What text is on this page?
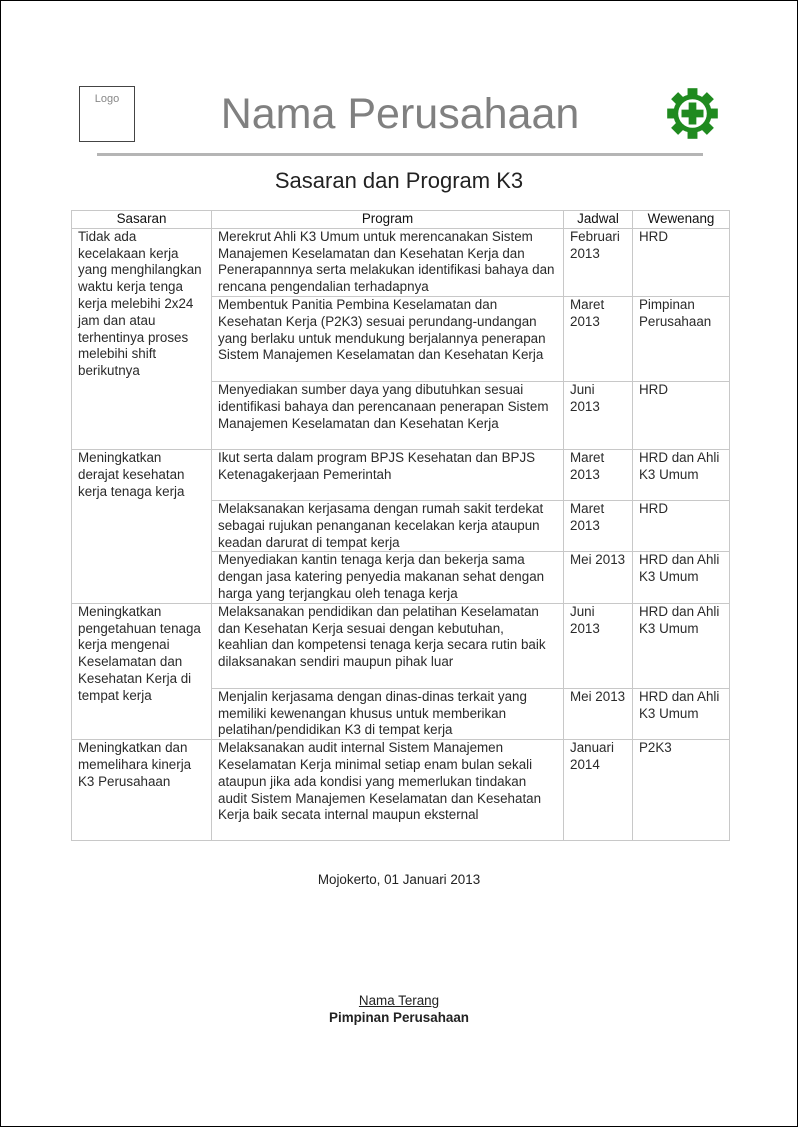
Logo	Nama Perusahaan
Sasaran dan Program K3
Sasaran	Program	Jadwal	Wewenang
Tidak ada kecelakaan kerja yang menghilangkan waktu kerja tenga kerja melebihi 2x24 jam dan atau terhentinya proses melebihi shift berikutnya	Merekrut Ahli K3 Umum untuk merencanakan Sistem Manajemen Keselamatan dan Kesehatan Kerja dan Penerapannnya serta melakukan identifikasi bahaya dan rencana pengendalian terhadapnya	Februari 2013	HRD
	Membentuk Panitia Pembina Keselamatan dan Kesehatan Kerja (P2K3) sesuai perundang-undangan yang berlaku untuk mendukung berjalannya penerapan Sistem Manajemen Keselamatan dan Kesehatan Kerja	Maret 2013	Pimpinan Perusahaan
	Menyediakan sumber daya yang dibutuhkan sesuai identifikasi bahaya dan perencanaan penerapan Sistem Manajemen Keselamatan dan Kesehatan Kerja	Juni 2013	HRD
Meningkatkan derajat kesehatan kerja tenaga kerja	Ikut serta dalam program BPJS Kesehatan dan BPJS Ketenagakerjaan Pemerintah	Maret 2013	HRD dan Ahli K3 Umum
	Melaksanakan kerjasama dengan rumah sakit terdekat sebagai rujukan penanganan kecelakan kerja ataupun keadan darurat di tempat kerja	Maret 2013	HRD
	Menyediakan kantin tenaga kerja dan bekerja sama dengan jasa katering penyedia makanan sehat dengan harga yang terjangkau oleh tenaga kerja	Mei 2013	HRD dan Ahli K3 Umum
Meningkatkan pengetahuan tenaga kerja mengenai Keselamatan dan Kesehatan Kerja di tempat kerja	Melaksanakan pendidikan dan pelatihan Keselamatan dan Kesehatan Kerja sesuai dengan kebutuhan, keahlian dan kompetensi tenaga kerja secara rutin baik dilaksanakan sendiri maupun pihak luar	Juni 2013	HRD dan Ahli K3 Umum
	Menjalin kerjasama dengan dinas-dinas terkait yang memiliki kewenangan khusus untuk memberikan pelatihan/pendidikan K3 di tempat kerja	Mei 2013	HRD dan Ahli K3 Umum
Meningkatkan dan memelihara kinerja K3 Perusahaan	Melaksanakan audit internal Sistem Manajemen Keselamatan Kerja minimal setiap enam bulan sekali ataupun jika ada kondisi yang memerlukan tindakan audit Sistem Manajemen Keselamatan dan Kesehatan Kerja baik secata internal maupun eksternal	Januari 2014	P2K3
Mojokerto, 01 Januari 2013
Nama Terang
Pimpinan Perusahaan
